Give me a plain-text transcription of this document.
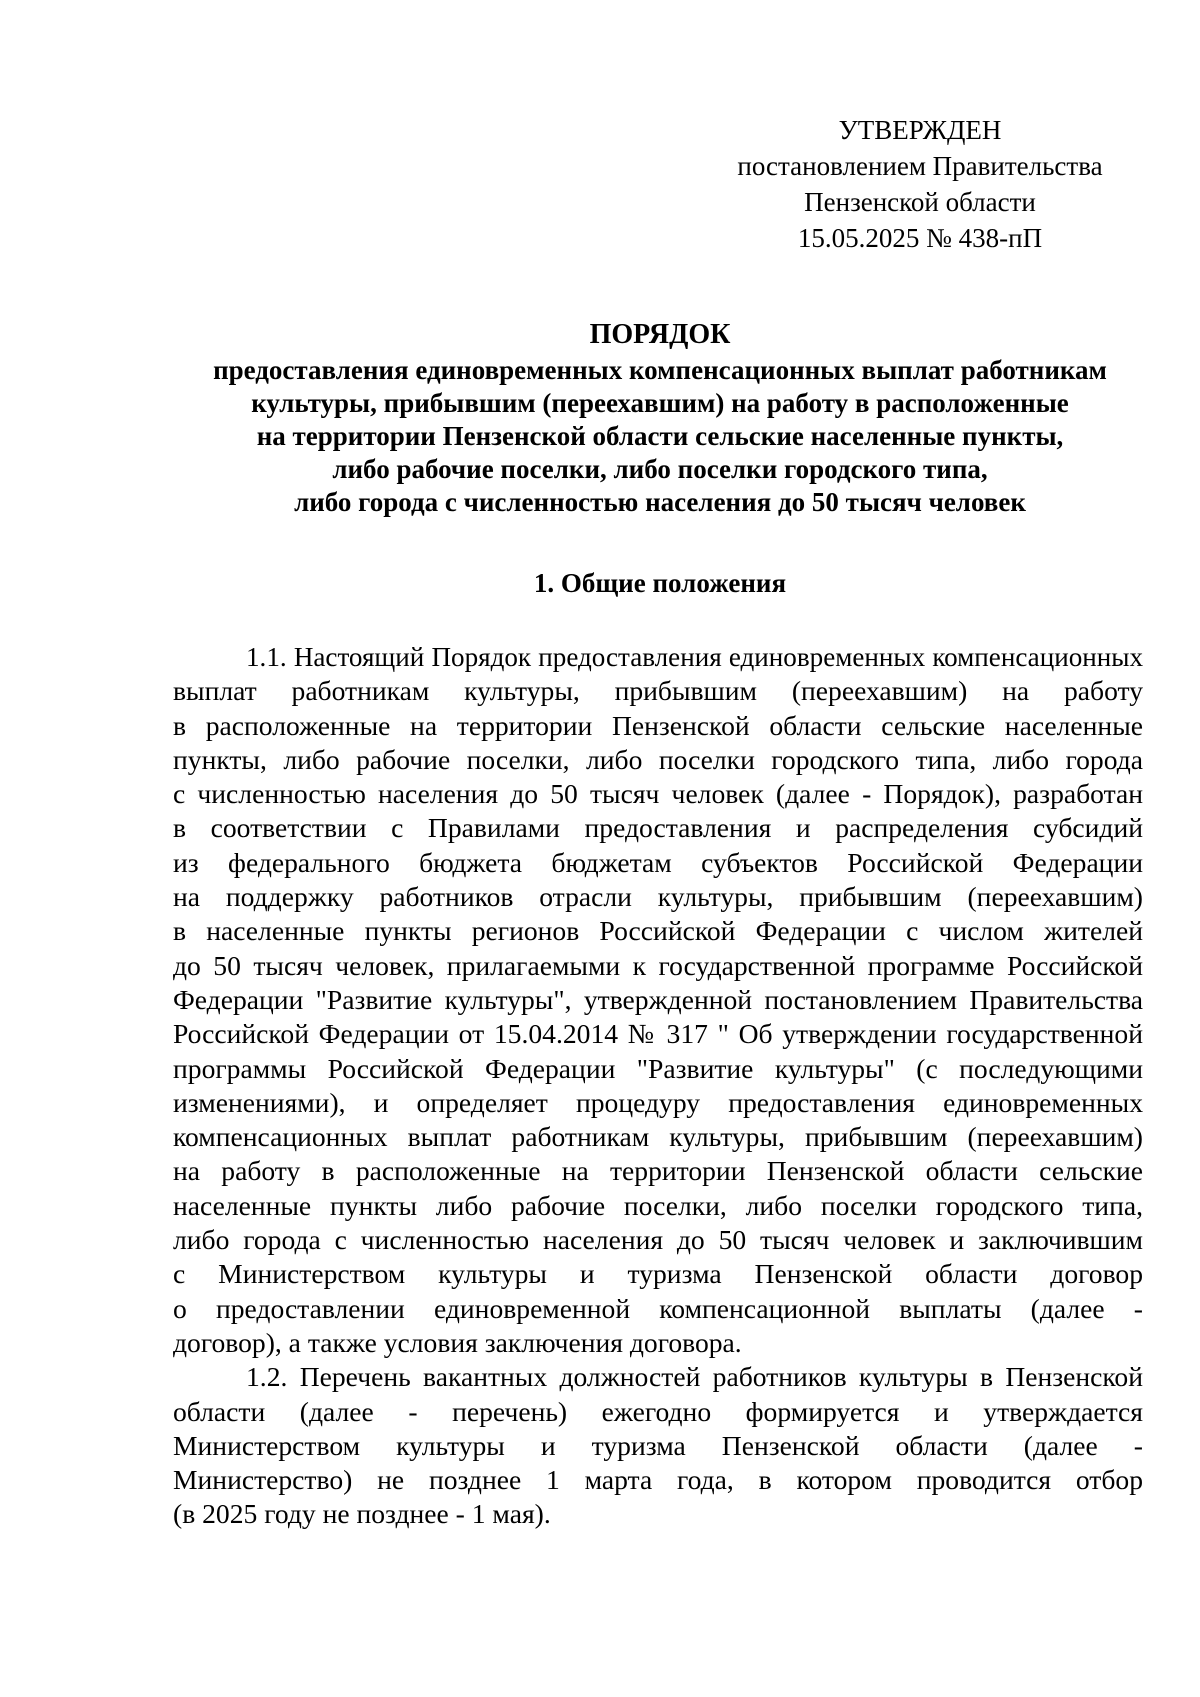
УТВЕРЖДЕН
постановлением Правительства
Пензенской области
15.05.2025 № 438-пП
ПОРЯДОК
предоставления единовременных компенсационных выплат работникам
культуры, прибывшим (переехавшим) на работу в расположенные
на территории Пензенской области сельские населенные пункты,
либо рабочие поселки, либо поселки городского типа,
либо города с численностью населения до 50 тысяч человек
1. Общие положения
1.1. Настоящий Порядок предоставления единовременных компенсационных
выплат работникам культуры, прибывшим (переехавшим) на работу
в расположенные на территории Пензенской области сельские населенные
пункты, либо рабочие поселки, либо поселки городского типа, либо города
с численностью населения до 50 тысяч человек (далее - Порядок), разработан
в соответствии с Правилами предоставления и распределения субсидий
из федерального бюджета бюджетам субъектов Российской Федерации
на поддержку работников отрасли культуры, прибывшим (переехавшим)
в населенные пункты регионов Российской Федерации с числом жителей
до 50 тысяч человек, прилагаемыми к государственной программе Российской
Федерации "Развитие культуры", утвержденной постановлением Правительства
Российской Федерации от 15.04.2014 № 317 " Об утверждении государственной
программы Российской Федерации "Развитие культуры" (с последующими
изменениями), и определяет процедуру предоставления единовременных
компенсационных выплат работникам культуры, прибывшим (переехавшим)
на работу в расположенные на территории Пензенской области сельские
населенные пункты либо рабочие поселки, либо поселки городского типа,
либо города с численностью населения до 50 тысяч человек и заключившим
с Министерством культуры и туризма Пензенской области договор
о предоставлении единовременной компенсационной выплаты (далее -
договор), а также условия заключения договора.
1.2. Перечень вакантных должностей работников культуры в Пензенской
области (далее - перечень) ежегодно формируется и утверждается
Министерством культуры и туризма Пензенской области (далее -
Министерство) не позднее 1 марта года, в котором проводится отбор
(в 2025 году не позднее - 1 мая).
